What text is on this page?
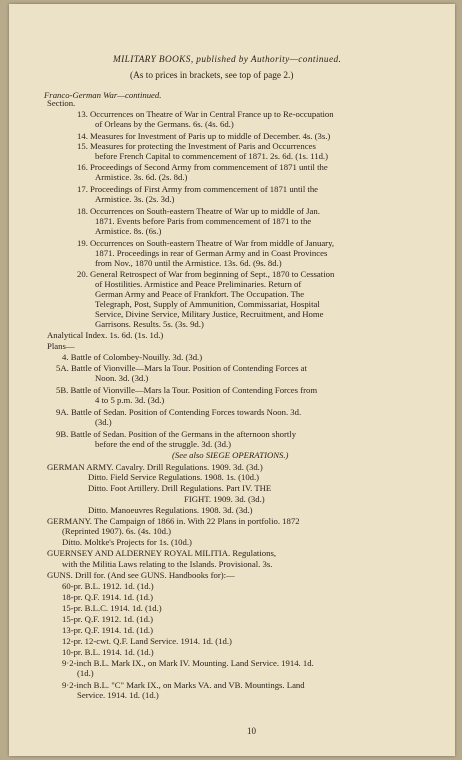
MILITARY BOOKS, published by Authority—continued.
(As to prices in brackets, see top of page 2.)
Franco-German War—continued.
Section.
13. Occurrences on Theatre of War in Central France up to Re-occupation
of Orleans by the Germans. 6s. (4s. 6d.)
14. Measures for Investment of Paris up to middle of December. 4s. (3s.)
15. Measures for protecting the Investment of Paris and Occurrences
before French Capital to commencement of 1871. 2s. 6d. (1s. 11d.)
16. Proceedings of Second Army from commencement of 1871 until the
Armistice. 3s. 6d. (2s. 8d.)
17. Proceedings of First Army from commencement of 1871 until the
Armistice. 3s. (2s. 3d.)
18. Occurrences on South-eastern Theatre of War up to middle of Jan.
1871. Events before Paris from commencement of 1871 to the
Armistice. 8s. (6s.)
19. Occurrences on South-eastern Theatre of War from middle of January,
1871. Proceedings in rear of German Army and in Coast Provinces
from Nov., 1870 until the Armistice. 13s. 6d. (9s. 8d.)
20. General Retrospect of War from beginning of Sept., 1870 to Cessation
of Hostilities. Armistice and Peace Preliminaries. Return of
German Army and Peace of Frankfort. The Occupation. The
Telegraph, Post, Supply of Ammunition, Commissariat, Hospital
Service, Divine Service, Military Justice, Recruitment, and Home
Garrisons. Results. 5s. (3s. 9d.)
Analytical Index. 1s. 6d. (1s. 1d.)
Plans—
4. Battle of Colombey-Nouilly. 3d. (3d.)
5A. Battle of Vionville—Mars la Tour. Position of Contending Forces at
Noon. 3d. (3d.)
5B. Battle of Vionville—Mars la Tour. Position of Contending Forces from
4 to 5 p.m. 3d. (3d.)
9A. Battle of Sedan. Position of Contending Forces towards Noon. 3d.
(3d.)
9B. Battle of Sedan. Position of the Germans in the afternoon shortly
before the end of the struggle. 3d. (3d.)
(See also SIEGE OPERATIONS.)
GERMAN ARMY. Cavalry. Drill Regulations. 1909. 3d. (3d.)
Ditto. Field Service Regulations. 1908. 1s. (10d.)
Ditto. Foot Artillery. Drill Regulations. Part IV. THE
FIGHT. 1909. 3d. (3d.)
Ditto. Manoeuvres Regulations. 1908. 3d. (3d.)
GERMANY. The Campaign of 1866 in. With 22 Plans in portfolio. 1872
(Reprinted 1907). 6s. (4s. 10d.)
Ditto. Moltke's Projects for 1s. (10d.)
GUERNSEY AND ALDERNEY ROYAL MILITIA. Regulations,
with the Militia Laws relating to the Islands. Provisional. 3s.
GUNS. Drill for. (And see GUNS. Handbooks for):—
60-pr. B.L. 1912. 1d. (1d.)
18-pr. Q.F. 1914. 1d. (1d.)
15-pr. B.L.C. 1914. 1d. (1d.)
15-pr. Q.F. 1912. 1d. (1d.)
13-pr. Q.F. 1914. 1d. (1d.)
12-pr. 12-cwt. Q.F. Land Service. 1914. 1d. (1d.)
10-pr. B.L. 1914. 1d. (1d.)
9·2-inch B.L. Mark IX., on Mark IV. Mounting. Land Service. 1914. 1d.
(1d.)
9·2-inch B.L. "C" Mark IX., on Marks VA. and VB. Mountings. Land
Service. 1914. 1d. (1d.)
10
